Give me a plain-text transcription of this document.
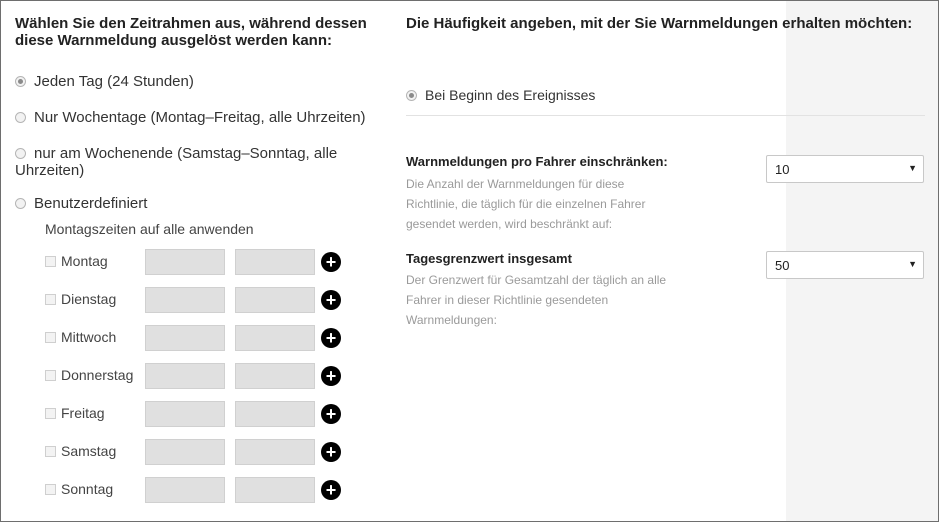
Wählen Sie den Zeitrahmen aus, während dessen
diese Warnmeldung ausgelöst werden kann:
Jeden Tag (24 Stunden)
Nur Wochentage (Montag–Freitag, alle Uhrzeiten)
nur am Wochenende (Samstag–Sonntag, alle
Uhrzeiten)
Benutzerdefiniert
Montagszeiten auf alle anwenden
Montag	+
Dienstag	+
Mittwoch	+
Donnerstag	+
Freitag	+
Samstag	+
Sonntag	+
Die Häufigkeit angeben, mit der Sie Warnmeldungen erhalten möchten:
Bei Beginn des Ereignisses
Warnmeldungen pro Fahrer einschränken:
Die Anzahl der Warnmeldungen für diese
Richtlinie, die täglich für die einzelnen Fahrer
gesendet werden, wird beschränkt auf:
10	▼
Tagesgrenzwert insgesamt
Der Grenzwert für Gesamtzahl der täglich an alle
Fahrer in dieser Richtlinie gesendeten
Warnmeldungen:
50	▼
